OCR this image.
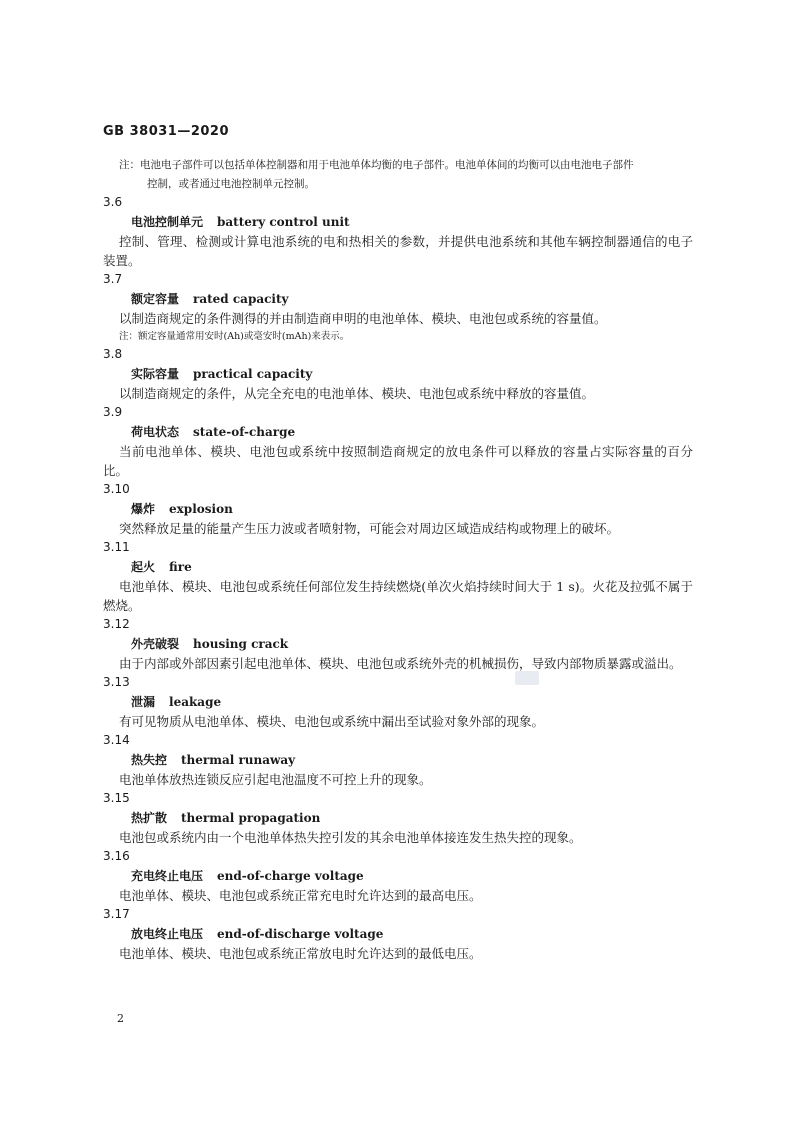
GB 38031—2020
注：电池电子部件可以包括单体控制器和用于电池单体均衡的电子部件。电池单体间的均衡可以由电池电子部件
控制，或者通过电池控制单元控制。
3.6
电池控制单元 battery control unit
控制、管理、检测或计算电池系统的电和热相关的参数，并提供电池系统和其他车辆控制器通信的电子装置。
3.7
额定容量 rated capacity
以制造商规定的条件测得的并由制造商申明的电池单体、模块、电池包或系统的容量值。
注：额定容量通常用安时(Ah)或毫安时(mAh)来表示。
3.8
实际容量 practical capacity
以制造商规定的条件，从完全充电的电池单体、模块、电池包或系统中释放的容量值。
3.9
荷电状态 state-of-charge
当前电池单体、模块、电池包或系统中按照制造商规定的放电条件可以释放的容量占实际容量的百分比。
3.10
爆炸 explosion
突然释放足量的能量产生压力波或者喷射物，可能会对周边区域造成结构或物理上的破坏。
3.11
起火 fire
电池单体、模块、电池包或系统任何部位发生持续燃烧(单次火焰持续时间大于 1 s)。火花及拉弧不属于燃烧。
3.12
外壳破裂 housing crack
由于内部或外部因素引起电池单体、模块、电池包或系统外壳的机械损伤，导致内部物质暴露或溢出。
3.13
泄漏 leakage
有可见物质从电池单体、模块、电池包或系统中漏出至试验对象外部的现象。
3.14
热失控 thermal runaway
电池单体放热连锁反应引起电池温度不可控上升的现象。
3.15
热扩散 thermal propagation
电池包或系统内由一个电池单体热失控引发的其余电池单体接连发生热失控的现象。
3.16
充电终止电压 end-of-charge voltage
电池单体、模块、电池包或系统正常充电时允许达到的最高电压。
3.17
放电终止电压 end-of-discharge voltage
电池单体、模块、电池包或系统正常放电时允许达到的最低电压。
2
